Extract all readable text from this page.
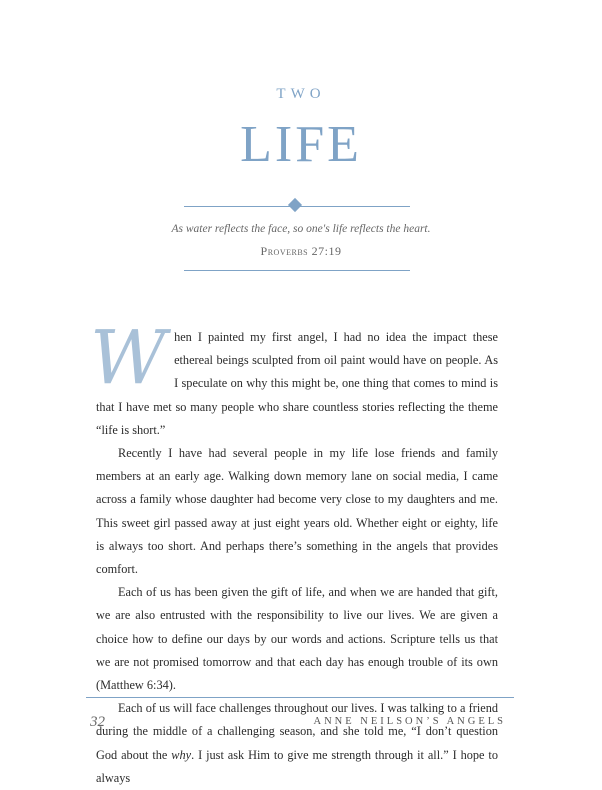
TWO
LIFE
As water reflects the face, so one's life reflects the heart.
Proverbs 27:19

When I painted my first angel, I had no idea the impact these ethereal beings sculpted from oil paint would have on people. As I speculate on why this might be, one thing that comes to mind is that I have met so many people who share countless stories reflecting the theme “life is short.”

Recently I have had several people in my life lose friends and family members at an early age. Walking down memory lane on social media, I came across a family whose daughter had become very close to my daughters and me. This sweet girl passed away at just eight years old. Whether eight or eighty, life is always too short. And perhaps there’s something in the angels that provides comfort.

Each of us has been given the gift of life, and when we are handed that gift, we are also entrusted with the responsibility to live our lives. We are given a choice how to define our days by our words and actions. Scripture tells us that we are not promised tomorrow and that each day has enough trouble of its own (Matthew 6:34).

Each of us will face challenges throughout our lives. I was talking to a friend during the middle of a challenging season, and she told me, “I don’t question God about the why. I just ask Him to give me strength through it all.” I hope to always

32	ANNE NEILSON’S ANGELS
